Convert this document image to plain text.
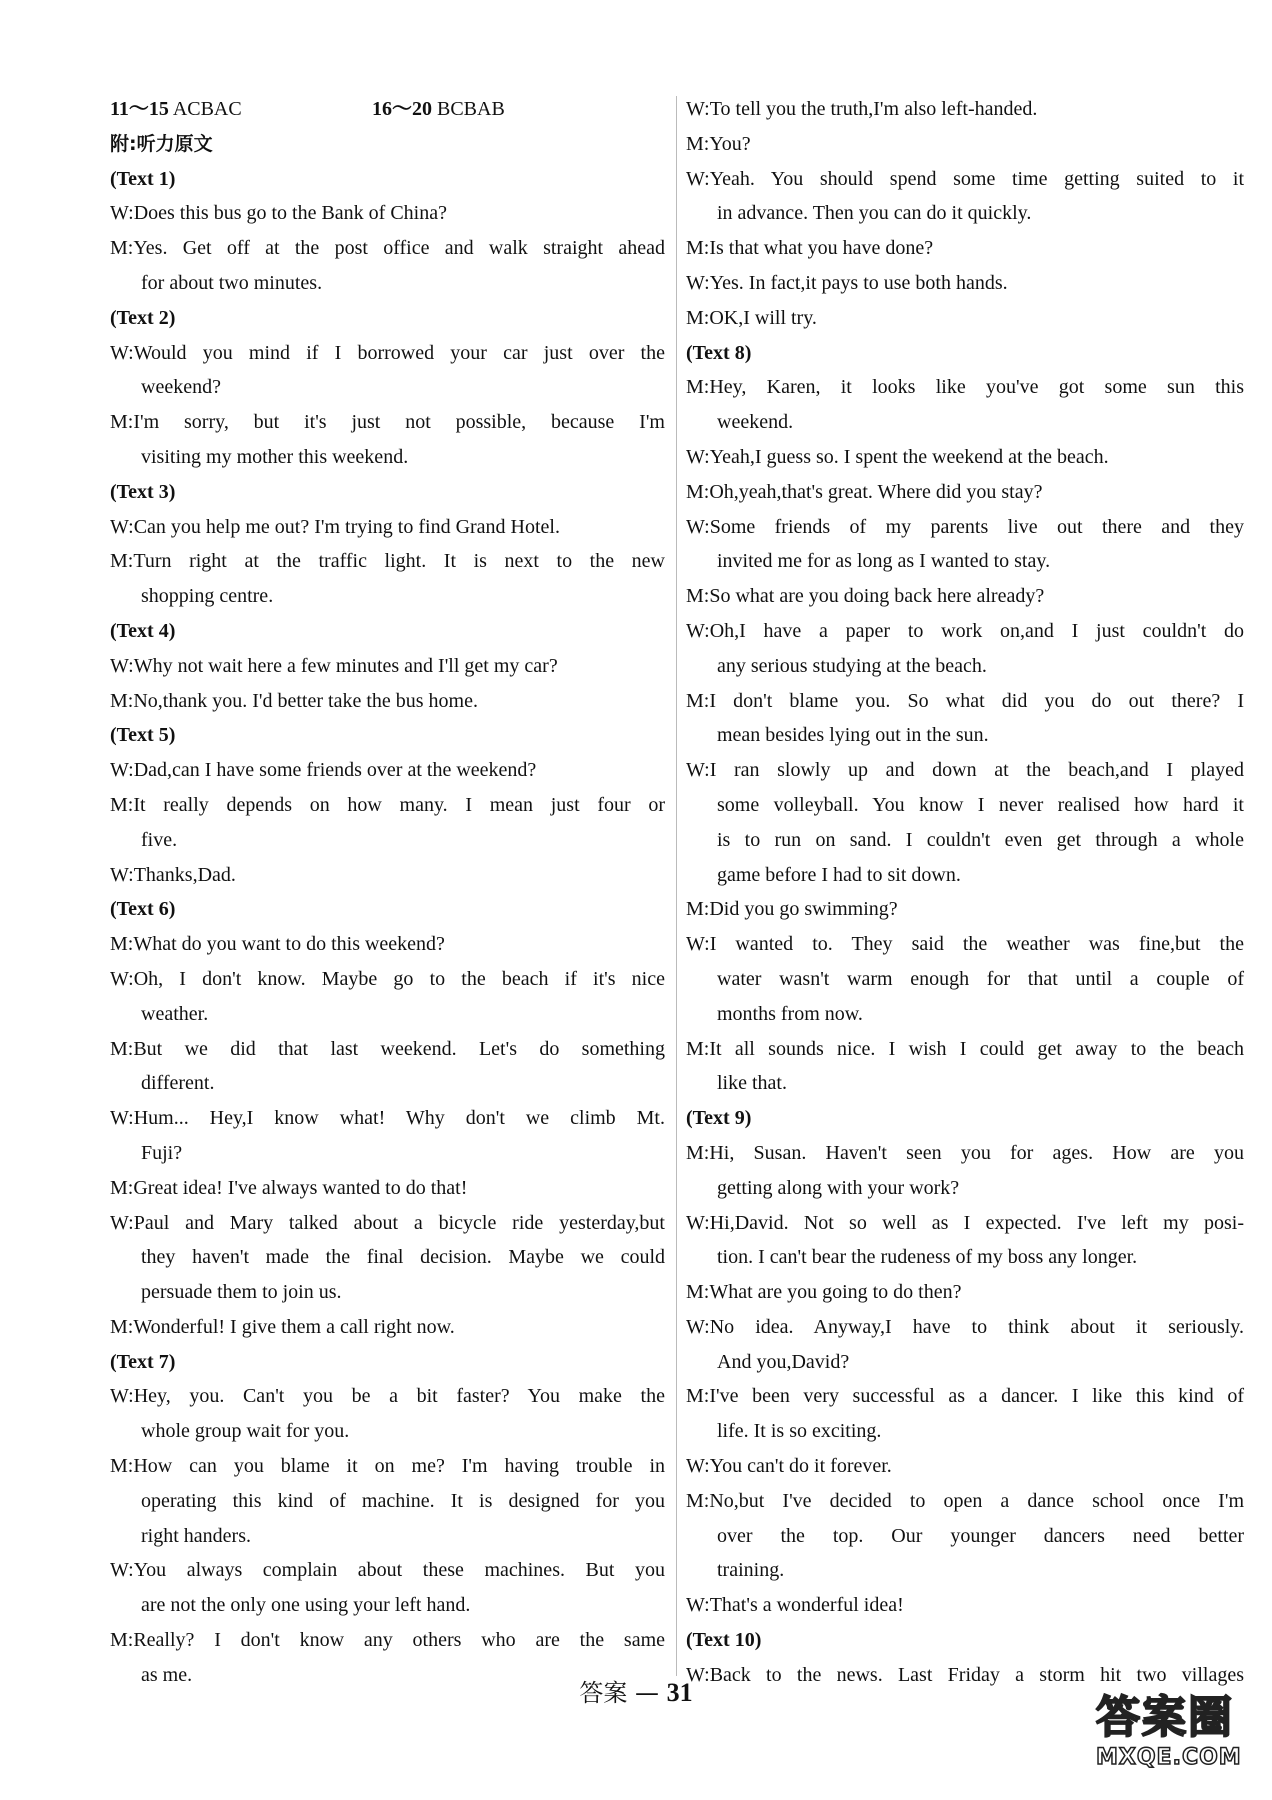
11～15 ACBAC	16～20 BCBAB
附:听力原文
(Text 1)
W:Does this bus go to the Bank of China?
M:Yes. Get off at the post office and walk straight ahead
for about two minutes.
(Text 2)
W:Would you mind if I borrowed your car just over the
weekend?
M:I'm sorry, but it's just not possible, because I'm
visiting my mother this weekend.
(Text 3)
W:Can you help me out? I'm trying to find Grand Hotel.
M:Turn right at the traffic light. It is next to the new
shopping centre.
(Text 4)
W:Why not wait here a few minutes and I'll get my car?
M:No,thank you. I'd better take the bus home.
(Text 5)
W:Dad,can I have some friends over at the weekend?
M:It really depends on how many. I mean just four or
five.
W:Thanks,Dad.
(Text 6)
M:What do you want to do this weekend?
W:Oh, I don't know. Maybe go to the beach if it's nice
weather.
M:But we did that last weekend. Let's do something
different.
W:Hum... Hey,I know what! Why don't we climb Mt.
Fuji?
M:Great idea! I've always wanted to do that!
W:Paul and Mary talked about a bicycle ride yesterday,but
they haven't made the final decision. Maybe we could
persuade them to join us.
M:Wonderful! I give them a call right now.
(Text 7)
W:Hey, you. Can't you be a bit faster? You make the
whole group wait for you.
M:How can you blame it on me? I'm having trouble in
operating this kind of machine. It is designed for you
right handers.
W:You always complain about these machines. But you
are not the only one using your left hand.
M:Really? I don't know any others who are the same
as me.
W:To tell you the truth,I'm also left-handed.
M:You?
W:Yeah. You should spend some time getting suited to it
in advance. Then you can do it quickly.
M:Is that what you have done?
W:Yes. In fact,it pays to use both hands.
M:OK,I will try.
(Text 8)
M:Hey, Karen, it looks like you've got some sun this
weekend.
W:Yeah,I guess so. I spent the weekend at the beach.
M:Oh,yeah,that's great. Where did you stay?
W:Some friends of my parents live out there and they
invited me for as long as I wanted to stay.
M:So what are you doing back here already?
W:Oh,I have a paper to work on,and I just couldn't do
any serious studying at the beach.
M:I don't blame you. So what did you do out there? I
mean besides lying out in the sun.
W:I ran slowly up and down at the beach,and I played
some volleyball. You know I never realised how hard it
is to run on sand. I couldn't even get through a whole
game before I had to sit down.
M:Did you go swimming?
W:I wanted to. They said the weather was fine,but the
water wasn't warm enough for that until a couple of
months from now.
M:It all sounds nice. I wish I could get away to the beach
like that.
(Text 9)
M:Hi, Susan. Haven't seen you for ages. How are you
getting along with your work?
W:Hi,David. Not so well as I expected. I've left my posi-
tion. I can't bear the rudeness of my boss any longer.
M:What are you going to do then?
W:No idea. Anyway,I have to think about it seriously.
And you,David?
M:I've been very successful as a dancer. I like this kind of
life. It is so exciting.
W:You can't do it forever.
M:No,but I've decided to open a dance school once I'm
over the top. Our younger dancers need better
training.
W:That's a wonderful idea!
(Text 10)
W:Back to the news. Last Friday a storm hit two villages
答案 — 31	答案圈
MXQE.COM
